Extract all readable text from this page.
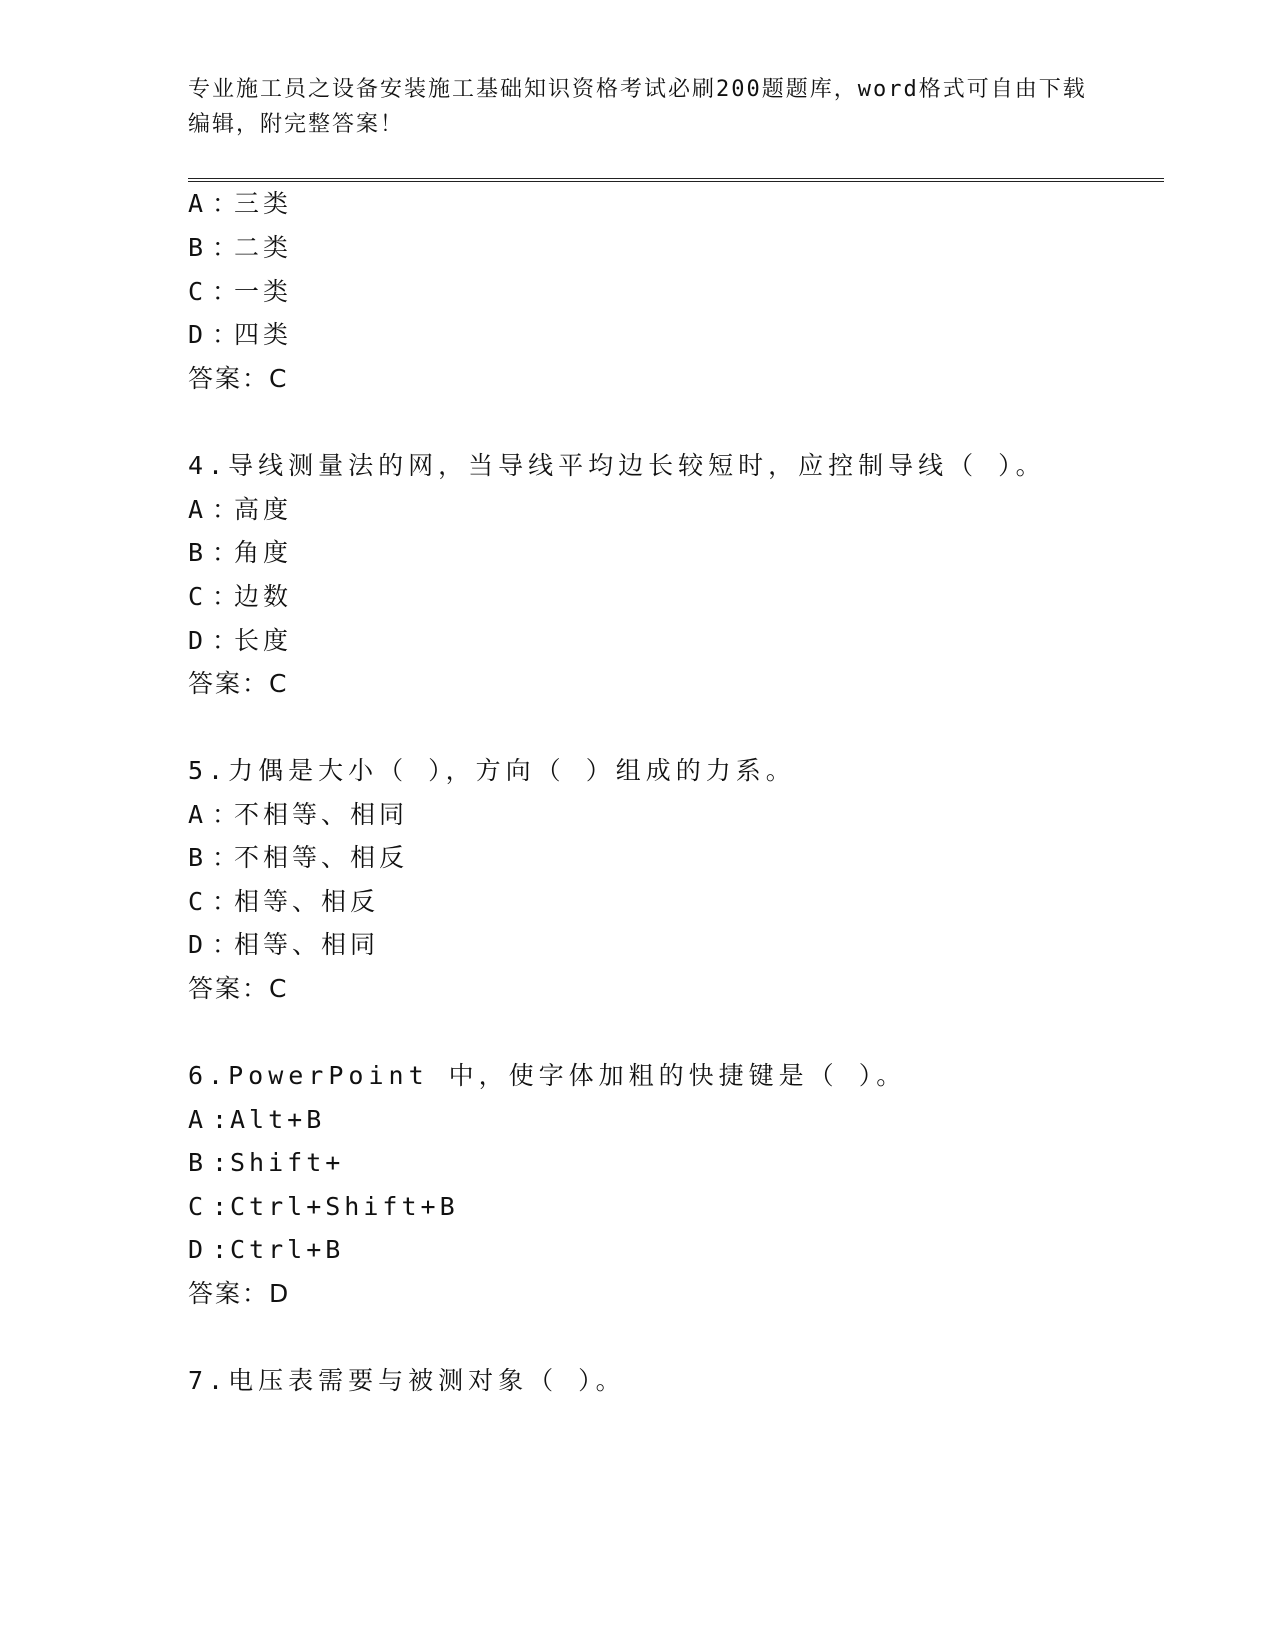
专业施工员之设备安装施工基础知识资格考试必刷200题题库，word格式可自由下载编辑，附完整答案！
A ：三类
B ：二类
C ：一类
D ：四类
答案：C
4.导线测量法的网，当导线平均边长较短时，应控制导线（ ）。
A ：高度
B ：角度
C ：边数
D ：长度
答案：C
5.力偶是大小（ ），方向（ ）组成的力系。
A ：不相等、相同
B ：不相等、相反
C ：相等、相反
D ：相等、相同
答案：C
6.PowerPoint 中，使字体加粗的快捷键是（ ）。
A :Alt+B
B :Shift+
C :Ctrl+Shift+B
D :Ctrl+B
答案：D
7.电压表需要与被测对象（ ）。
